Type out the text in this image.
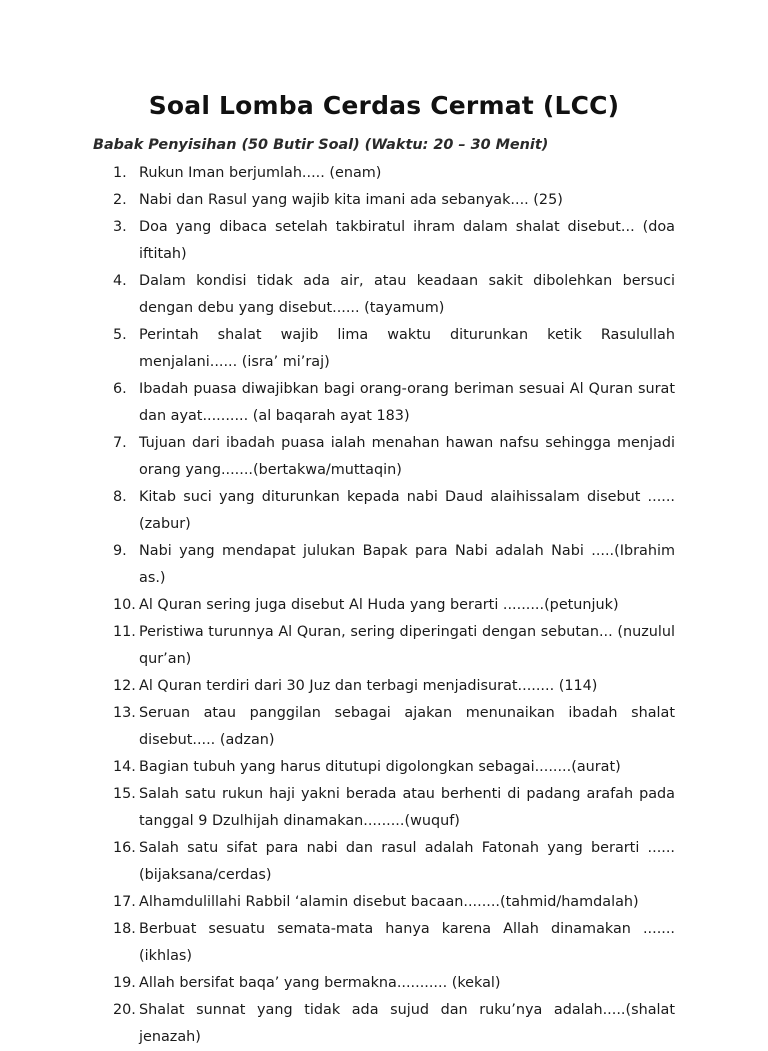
Soal Lomba Cerdas Cermat (LCC)
Babak Penyisihan (50 Butir Soal) (Waktu: 20 – 30 Menit)
1. Rukun Iman berjumlah..... (enam)
2. Nabi dan Rasul yang wajib kita imani ada sebanyak.... (25)
3. Doa yang dibaca setelah takbiratul ihram dalam shalat disebut... (doa iftitah)
4. Dalam kondisi tidak ada air, atau keadaan sakit dibolehkan bersuci dengan debu yang disebut...... (tayamum)
5. Perintah shalat wajib lima waktu diturunkan ketik Rasulullah menjalani...... (isra’ mi’raj)
6. Ibadah puasa diwajibkan bagi orang-orang beriman sesuai Al Quran surat dan ayat.......... (al baqarah ayat 183)
7. Tujuan dari ibadah puasa ialah menahan hawan nafsu sehingga menjadi orang yang.......(bertakwa/muttaqin)
8. Kitab suci yang diturunkan kepada nabi Daud alaihissalam disebut ...... (zabur)
9. Nabi yang mendapat julukan Bapak para Nabi adalah Nabi .....(Ibrahim as.)
10. Al Quran sering juga disebut Al Huda yang berarti .........(petunjuk)
11. Peristiwa turunnya Al Quran, sering diperingati dengan sebutan... (nuzulul qur’an)
12. Al Quran terdiri dari 30 Juz dan terbagi menjadisurat........ (114)
13. Seruan atau panggilan sebagai ajakan menunaikan ibadah shalat disebut..... (adzan)
14. Bagian tubuh yang harus ditutupi digolongkan sebagai........(aurat)
15. Salah satu rukun haji yakni berada atau berhenti di padang arafah pada tanggal 9 Dzulhijah dinamakan.........(wuquf)
16. Salah satu sifat para nabi dan rasul adalah Fatonah yang berarti ...... (bijaksana/cerdas)
17. Alhamdulillahi Rabbil ‘alamin disebut bacaan........(tahmid/hamdalah)
18. Berbuat sesuatu semata-mata hanya karena Allah dinamakan .......(ikhlas)
19. Allah bersifat baqa’ yang bermakna........... (kekal)
20. Shalat sunnat yang tidak ada sujud dan ruku’nya adalah.....(shalat jenazah)
